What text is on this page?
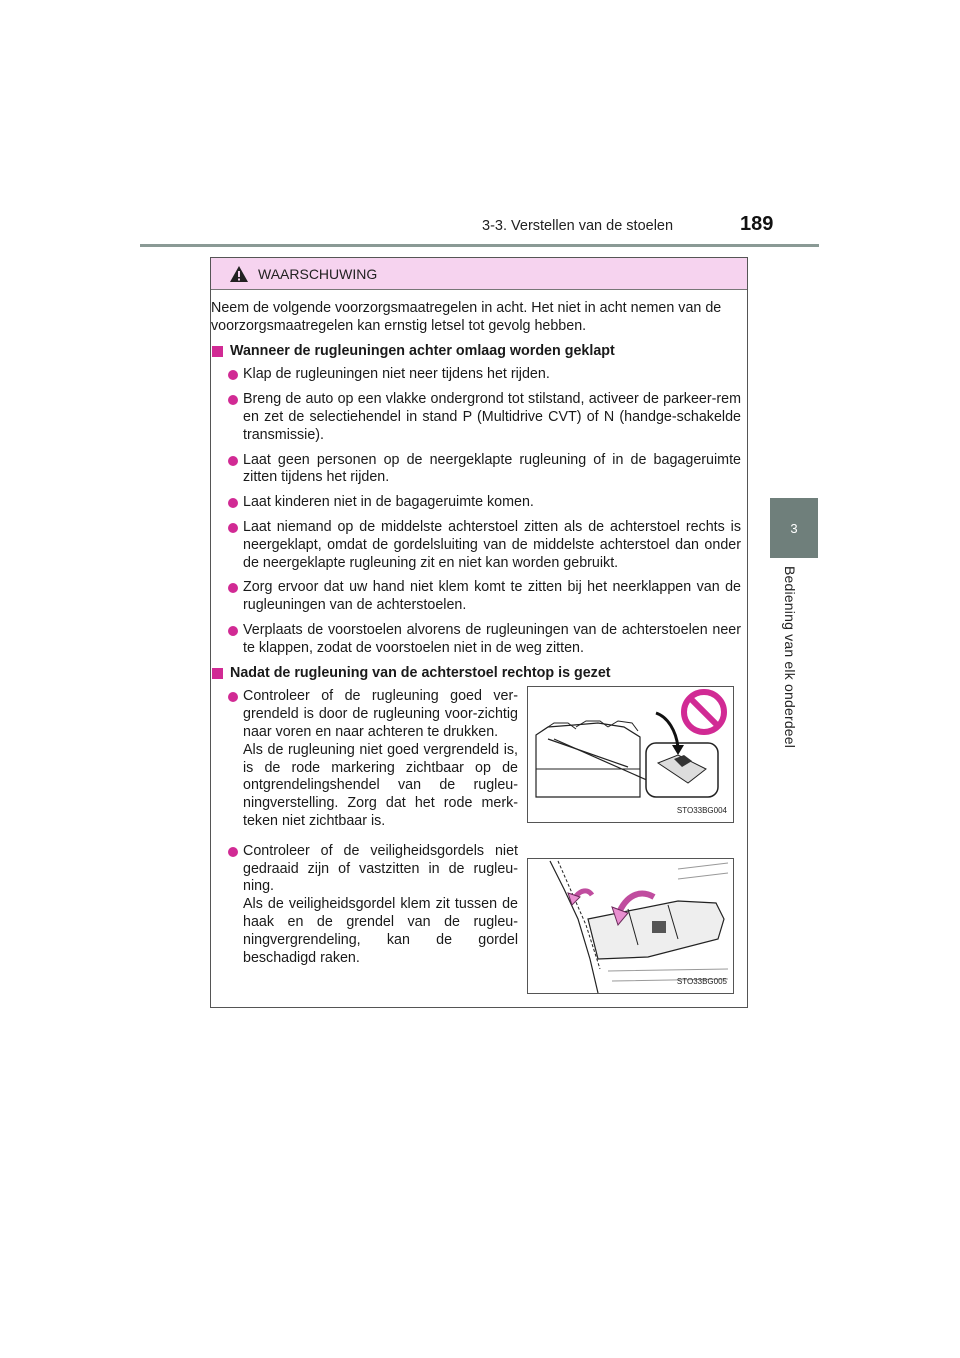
3-3. Verstellen van de stoelen	189
3
Bediening van elk onderdeel
WAARSCHUWING

Neem de volgende voorzorgsmaatregelen in acht. Het niet in acht nemen van de voorzorgsmaatregelen kan ernstig letsel tot gevolg hebben.

Wanneer de rugleuningen achter omlaag worden geklapt
Klap de rugleuningen niet neer tijdens het rijden.
Breng de auto op een vlakke ondergrond tot stilstand, activeer de parkeer-rem en zet de selectiehendel in stand P (Multidrive CVT) of N (handge-schakelde transmissie).
Laat geen personen op de neergeklapte rugleuning of in de bagageruimte zitten tijdens het rijden.
Laat kinderen niet in de bagageruimte komen.
Laat niemand op de middelste achterstoel zitten als de achterstoel rechts is neergeklapt, omdat de gordelsluiting van de middelste achterstoel dan onder de neergeklapte rugleuning zit en niet kan worden gebruikt.
Zorg ervoor dat uw hand niet klem komt te zitten bij het neerklappen van de rugleuningen van de achterstoelen.
Verplaats de voorstoelen alvorens de rugleuningen van de achterstoelen neer te klappen, zodat de voorstoelen niet in de weg zitten.
Nadat de rugleuning van de achterstoel rechtop is gezet
Controleer of de rugleuning goed ver-grendeld is door de rugleuning voor-zichtig naar voren en naar achteren te drukken.
Als de rugleuning niet goed vergrendeld is, is de rode markering zichtbaar op de ontgrendelingshendel van de rugleu-ningverstelling. Zorg dat het rode merk-teken niet zichtbaar is.
Controleer of de veiligheidsgordels niet gedraaid zijn of vastzitten in de rugleu-ning.
Als de veiligheidsgordel klem zit tussen de haak en de grendel van de rugleu-ningvergrendeling, kan de gordel beschadigd raken.
STO33BG004
STO33BG005
